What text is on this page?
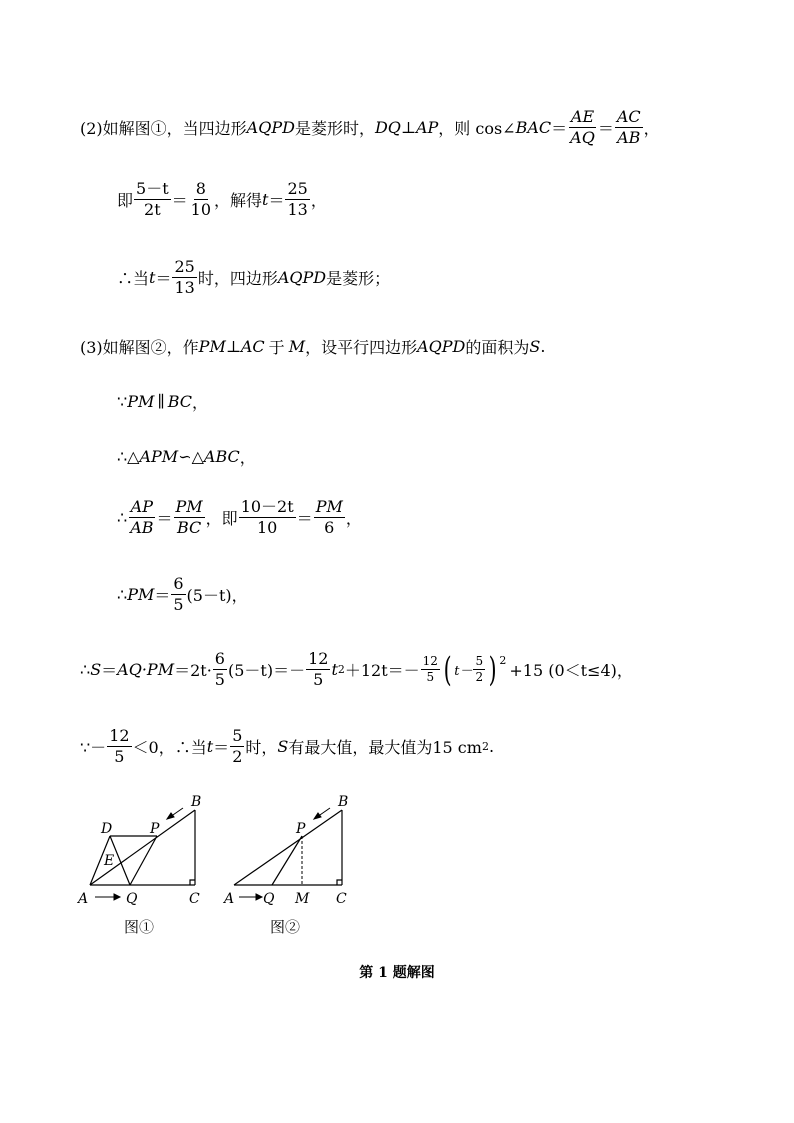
(2)如解图①，当四边形 AQPD 是菱形时， DQ ⊥ AP ，则 cos∠ BAC ＝ $\frac{AE}{AQ} = \frac{AC}{AB}$ ，
即 $\frac{5-t}{2t} = \frac{8}{10}$ ，解得 $t = \frac{25}{13}$ ，
∴当 $t = \frac{25}{13}$ 时，四边形 AQPD 是菱形；
(3)如解图②，作 PM ⊥ AC 于 M ，设平行四边形 AQPD 的面积为 S .
∵ PM ∥ BC ，
∴△ APM ∽△ ABC ，
∴ $\frac{AP}{AB} = \frac{PM}{BC}$ ，即 $\frac{10-2t}{10} = \frac{PM}{6}$ ，
∴ PM ＝ $\frac{6}{5} (5-t)$，
∴ $S = AQ\cdot PM =2t\cdot \frac{6}{5} (5-t)=- \frac{12}{5}$ t $2 +12t=- \frac{12}{5}$ ( $t- \frac{5}{2} )^2$
+15 (0＜t≤4)，
∵－ $\frac{12}{5} <0$，∴当 $t = \frac{5}{2}$ 时， S 有最大值，最大值为15 cm 2 .
A	Q	C
D	P
B
E
图①
A Q M C
P
B
图②
第 1 题解图
